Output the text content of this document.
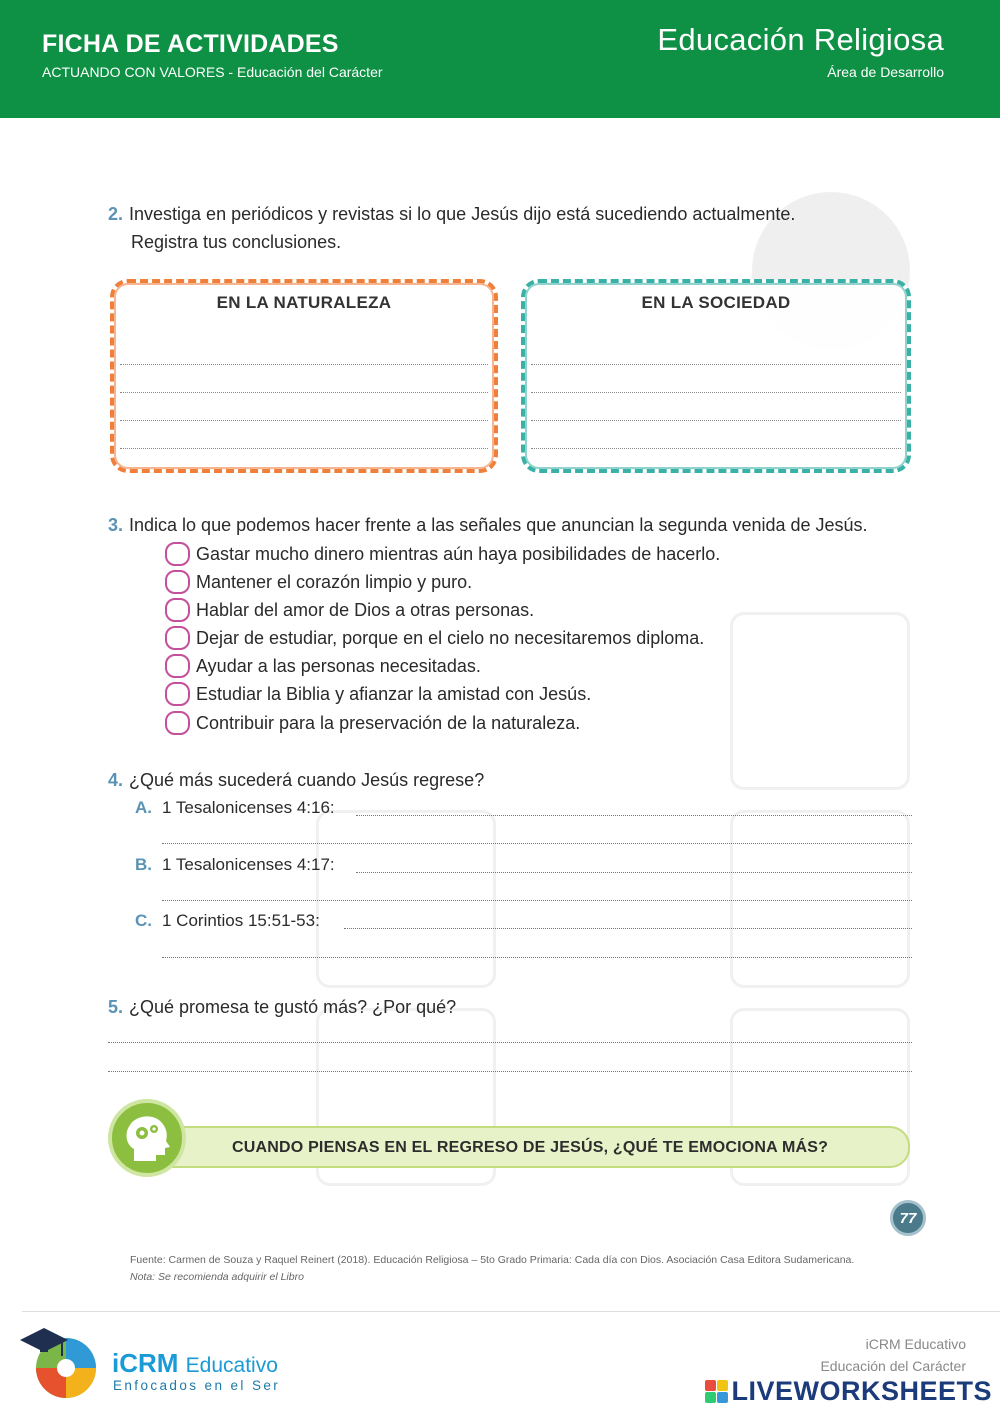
FICHA DE ACTIVIDADES
ACTUANDO CON VALORES - Educación del Carácter
Educación Religiosa
Área de Desarrollo
2. Investiga en periódicos y revistas si lo que Jesús dijo está sucediendo actualmente.
Registra tus conclusiones.
EN LA NATURALEZA	EN LA SOCIEDAD
3. Indica lo que podemos hacer frente a las señales que anuncian la segunda venida de Jesús.
Gastar mucho dinero mientras aún haya posibilidades de hacerlo.
Mantener el corazón limpio y puro.
Hablar del amor de Dios a otras personas.
Dejar de estudiar, porque en el cielo no necesitaremos diploma.
Ayudar a las personas necesitadas.
Estudiar la Biblia y afianzar la amistad con Jesús.
Contribuir para la preservación de la naturaleza.
4. ¿Qué más sucederá cuando Jesús regrese?
A. 1 Tesalonicenses 4:16:
B. 1 Tesalonicenses 4:17:
C. 1 Corintios 15:51-53:
5. ¿Qué promesa te gustó más? ¿Por qué?
CUANDO PIENSAS EN EL REGRESO DE JESÚS, ¿QUÉ TE EMOCIONA MÁS?
77
Fuente: Carmen de Souza y Raquel Reinert (2018). Educación Religiosa – 5to Grado Primaria: Cada día con Dios. Asociación Casa Editora Sudamericana.
Nota: Se recomienda adquirir el Libro
iCRM Educativo
Enfocados en el Ser
iCRM Educativo
Educación del Carácter
LIVEWORKSHEETS
